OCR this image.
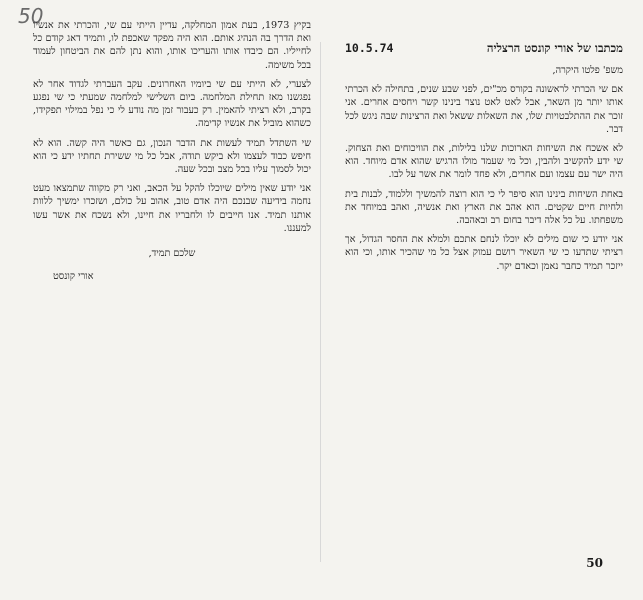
50
מכתבו של אורי קונסט הרצליה
10.5.74

משפ' פלטו היקרה,

אם שי הכרתי לראשונה בקורס מכ"ים, לפני שבע שנים, בתחילה לא הכרתי אותו יותר מן השאר, אבל לאט לאט נוצר בינינו קשר ויחסים אחרים. אני זוכר את ההתלבטויות שלו, את השאלות ששאל ואת הרצינות שבה ניגש לכל דבר.

לא אשכח את השיחות הארוכות שלנו בלילות, את הוויכוחים ואת הצחוק. שי ידע להקשיב ולהבין, וכל מי שעמד מולו הרגיש שהוא אדם מיוחד. הוא היה ישר עם עצמו ועם אחרים, ולא פחד לומר את אשר על לבו.

באחת השיחות בינינו הוא סיפר לי כי הוא רוצה להמשיך וללמוד, לבנות בית ולחיות חיים שקטים. הוא אהב את הארץ ואת אנשיה, ואהב במיוחד את משפחתו. על כל אלה דיבר בחום רב ובאהבה.

אני יודע כי שום מילים לא יוכלו לנחם אתכם ולמלא את החסר הגדול, אך רציתי שתדעו כי שי השאיר רושם עמוק אצל כל מי שהכיר אותו, וכי הוא ייזכר תמיד כחבר נאמן וכאדם יקר.

בקיץ 1973, בעת אמון המחלקה, עדיין הייתי עם שי, והכרתי את אנשיו ואת הדרך בה הנהיג אותם. הוא היה מפקד שאכפת לו, ותמיד דאג קודם כל לחייליו. הם כיבדו אותו והעריכו אותו, והוא נתן להם את הביטחון לעמוד בכל משימה.

לצערי, לא הייתי עם שי ביומיו האחרונים. עקב העברתי לגדוד אחר לא נפגשנו מאז תחילת המלחמה. ביום השלישי למלחמה שמעתי כי שי נפגע בקרב, ולא רציתי להאמין. רק כעבור זמן מה נודע לי כי נפל במילוי תפקידו, כשהוא מוביל את אנשיו קדימה.

שי השתדל תמיד לעשות את הדבר הנכון, גם כאשר היה קשה. הוא לא חיפש כבוד לעצמו ולא ביקש תודה, אבל כל מי ששירת תחתיו ידע כי הוא יכול לסמוך עליו בכל מצב ובכל שעה.

אני יודע שאין מילים שיוכלו להקל על הכאב, ואני רק מקווה שתמצאו מעט נחמה בידיעה שבנכם היה אדם טוב, אהוב על כולם, ושזכרו ימשיך ללוות אותנו תמיד. אנו חייבים לו ולחבריו את חיינו, ולא נשכח את אשר עשו למעננו.

שלכם תמיד,
אורי קונסט
50
